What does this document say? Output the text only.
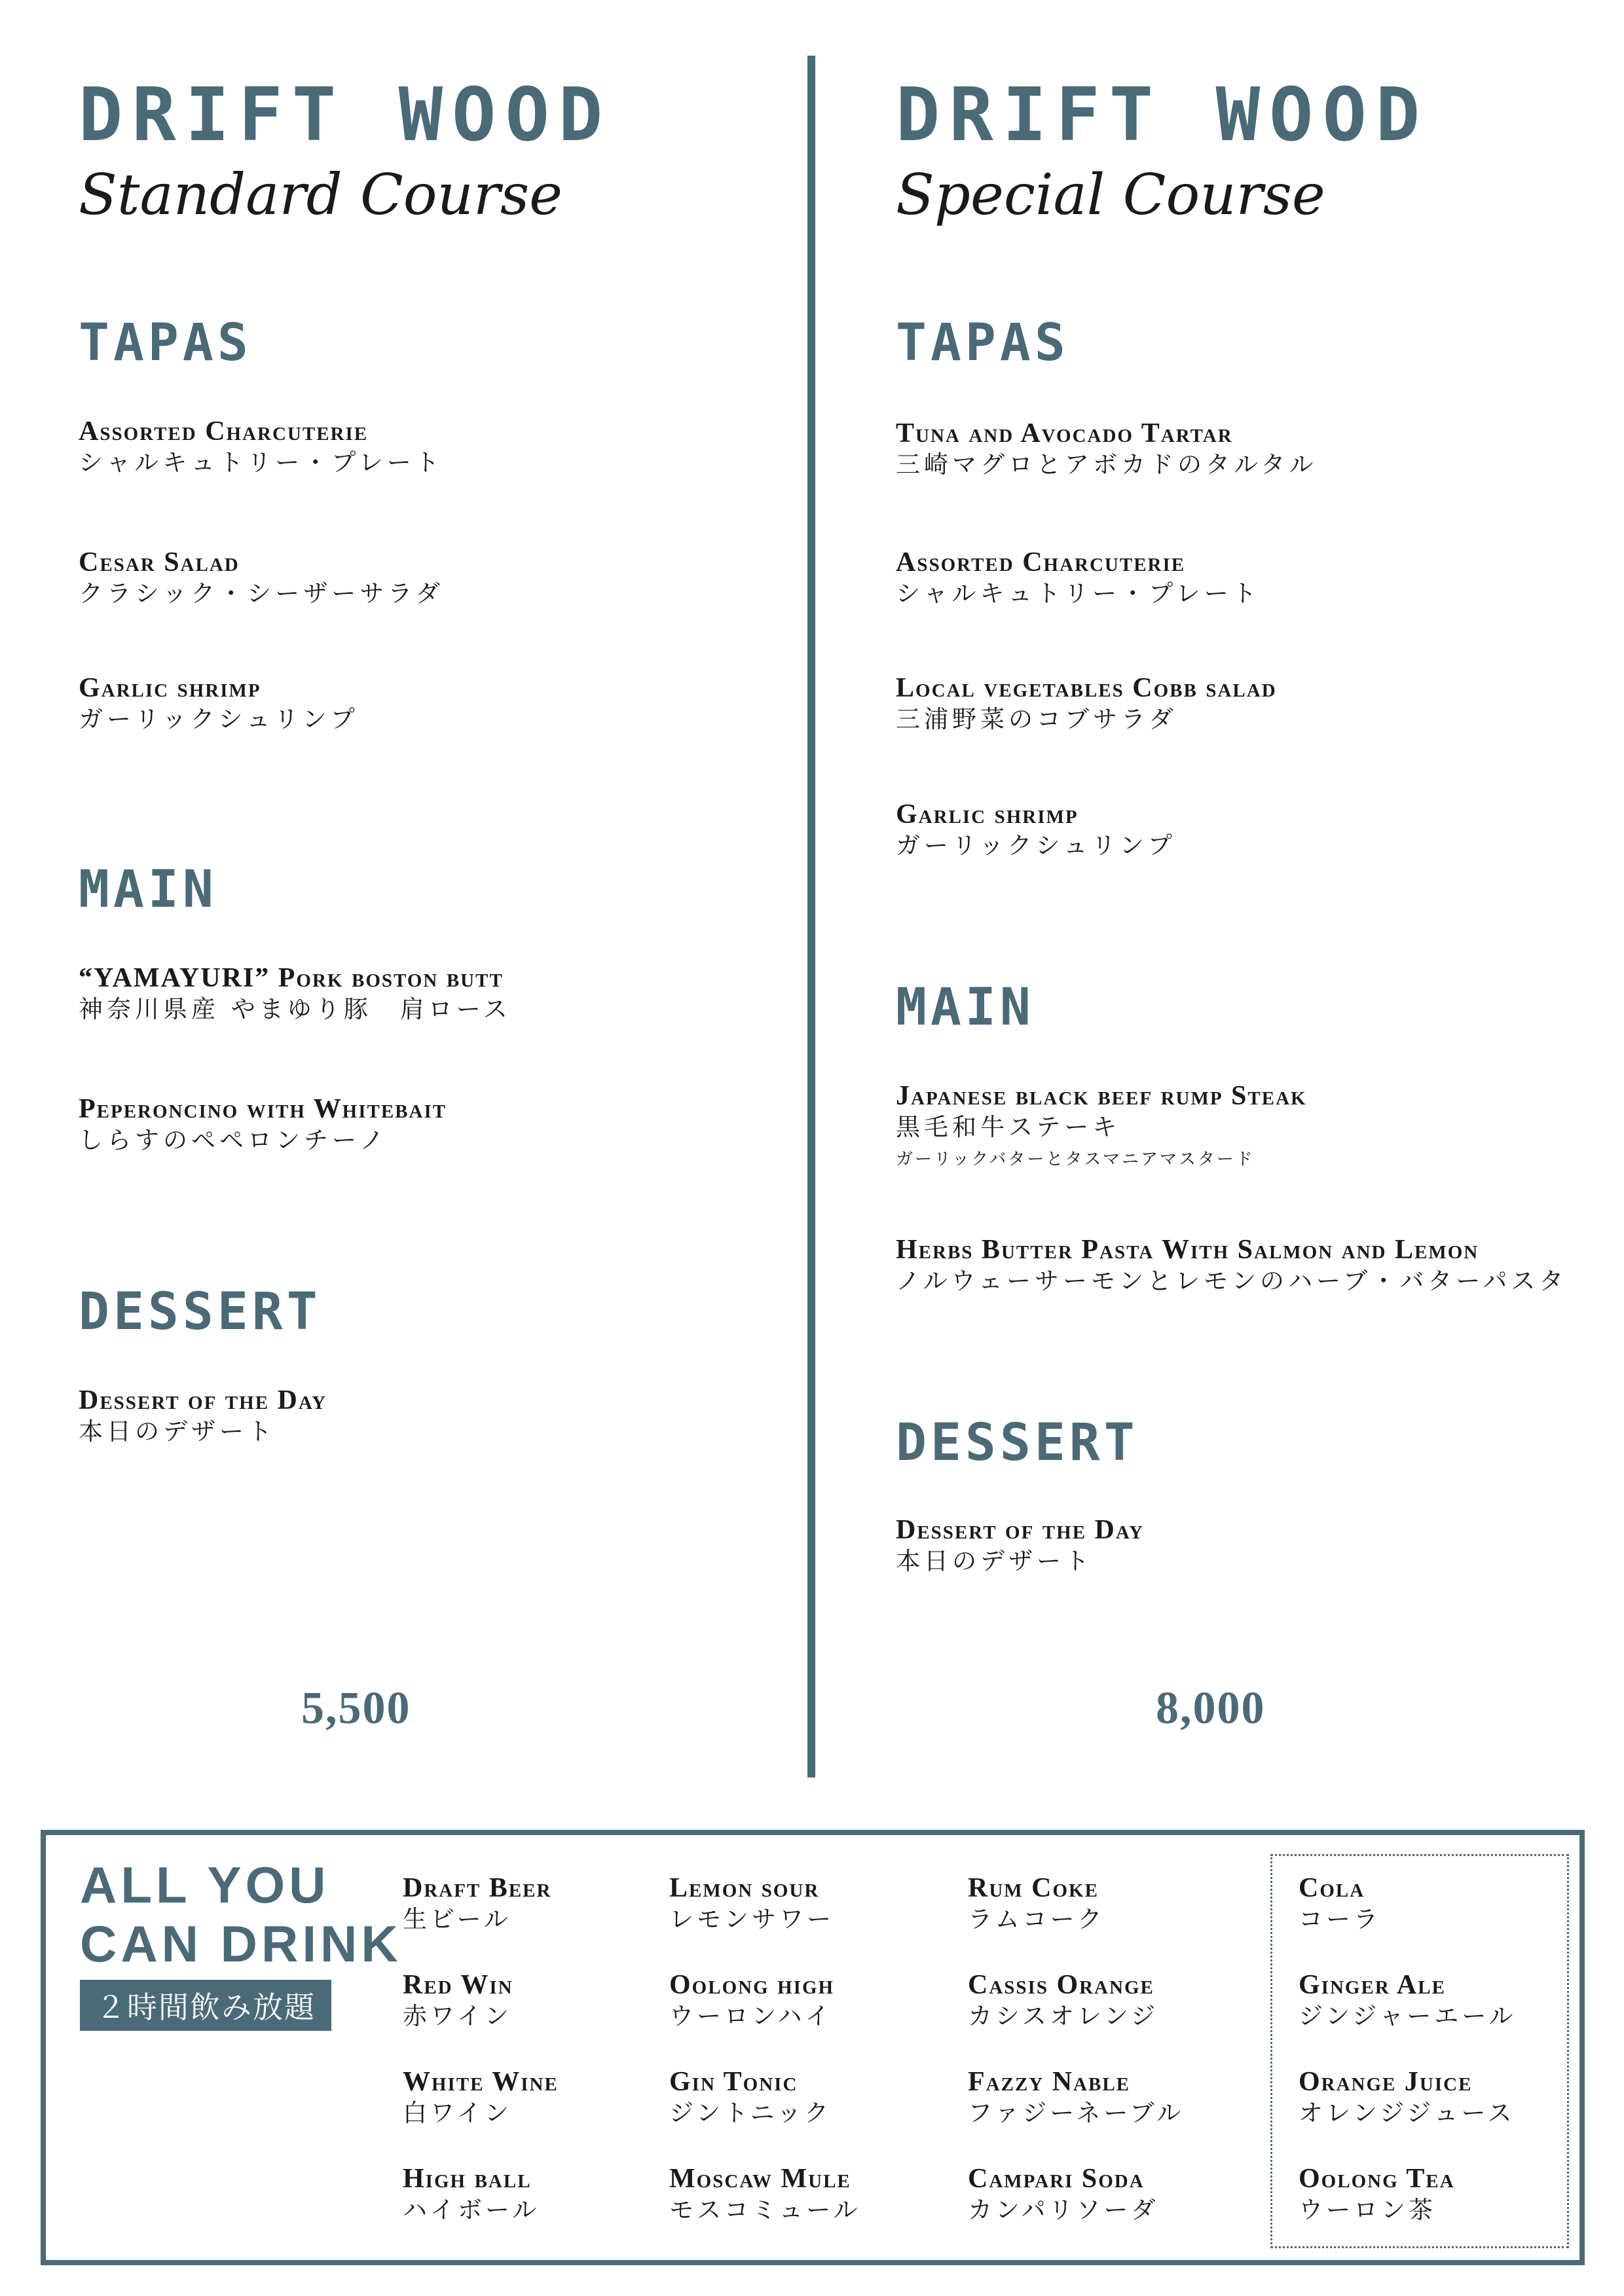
DRIFT WOOD
Standard Course
TAPAS
Assorted Charcuterie
シャルキュトリー・プレート
Cesar Salad
クラシック・シーザーサラダ
Garlic shrimp
ガーリックシュリンプ
MAIN
“YAMAYURI” Pork boston butt
神奈川県産 やまゆり豚　肩ロース
Peperoncino with Whitebait
しらすのペペロンチーノ
DESSERT
Dessert of the Day
本日のデザート
5,500
DRIFT WOOD
Special Course
TAPAS
Tuna and Avocado Tartar
三崎マグロとアボカドのタルタル
Assorted Charcuterie
シャルキュトリー・プレート
Local vegetables Cobb salad
三浦野菜のコブサラダ
Garlic shrimp
ガーリックシュリンプ
MAIN
Japanese black beef rump Steak
黒毛和牛ステーキ
ガーリックバターとタスマニアマスタード
Herbs Butter Pasta With Salmon and Lemon
ノルウェーサーモンとレモンのハーブ・バターパスタ
DESSERT
Dessert of the Day
本日のデザート
8,000
ALL YOU
CAN DRINK
２時間飲み放題
Draft Beer
生ビール
Red Win
赤ワイン
White Wine
白ワイン
High ball
ハイボール
Lemon sour
レモンサワー
Oolong high
ウーロンハイ
Gin Tonic
ジントニック
Moscaw Mule
モスコミュール
Rum Coke
ラムコーク
Cassis Orange
カシスオレンジ
Fazzy Nable
ファジーネーブル
Campari Soda
カンパリソーダ
Cola
コーラ
Ginger Ale
ジンジャーエール
Orange Juice
オレンジジュース
Oolong Tea
ウーロン茶
